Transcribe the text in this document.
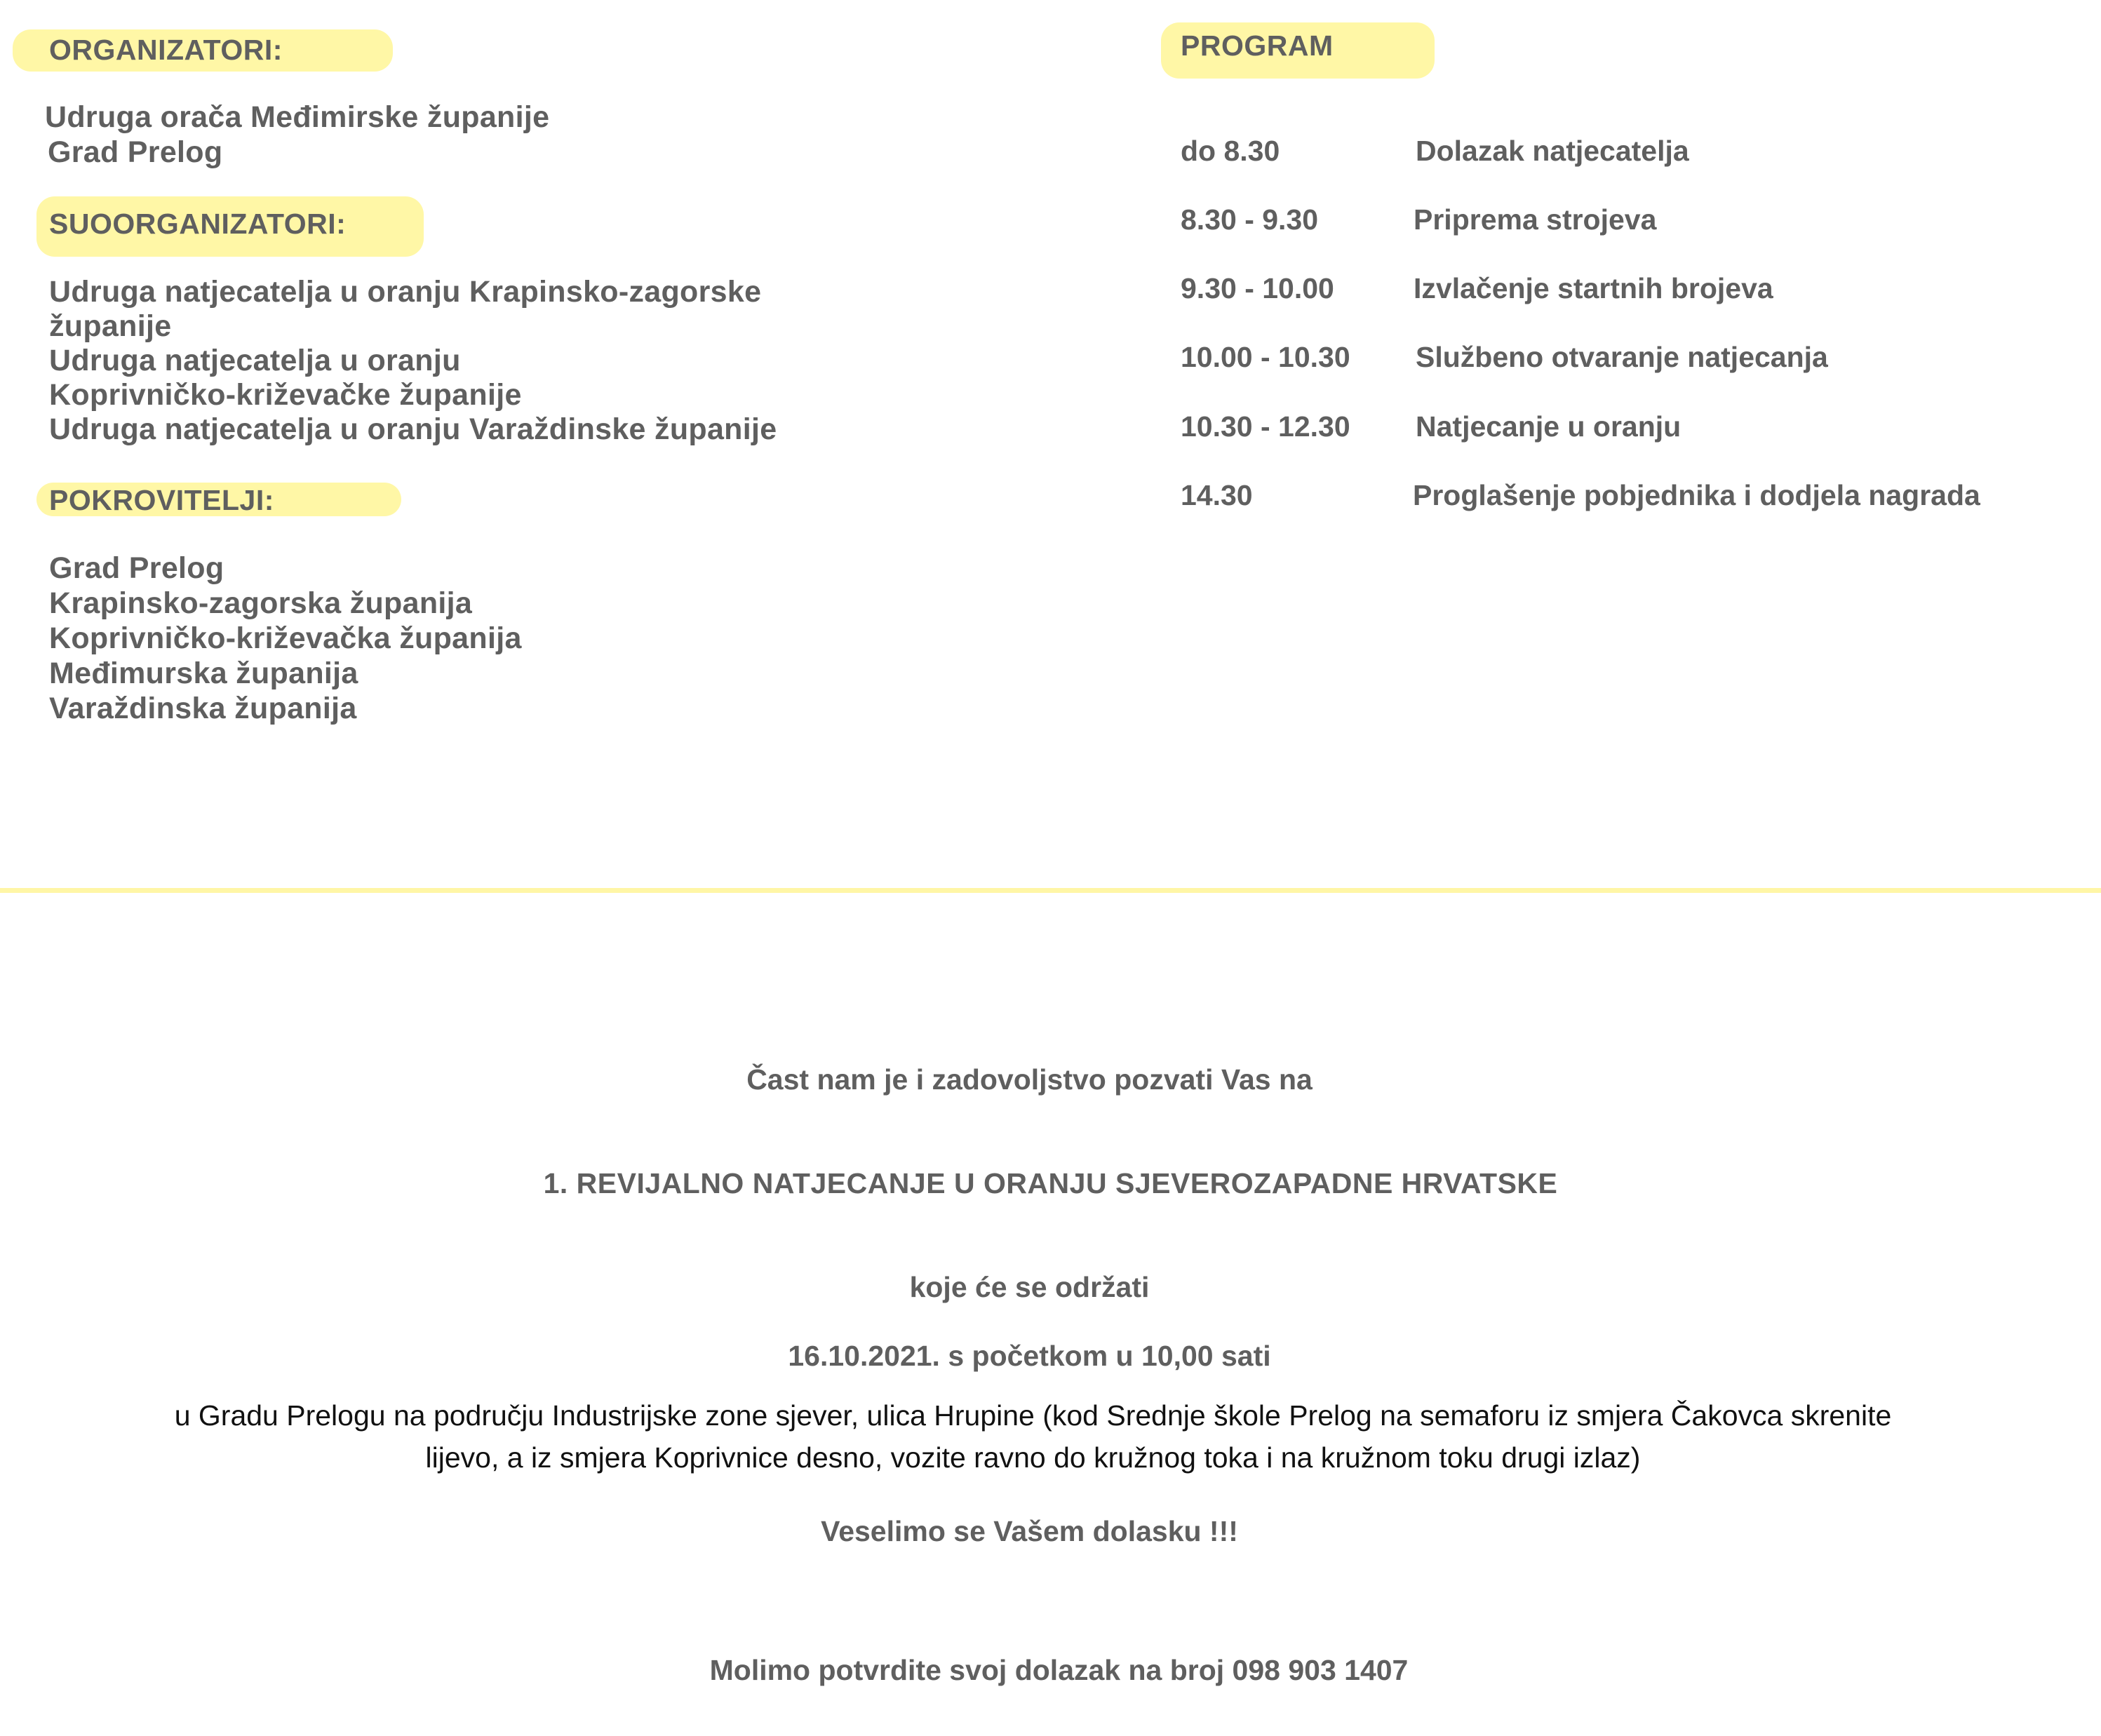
ORGANIZATORI:
Udruga orača Međimirske županije
Grad Prelog
SUOORGANIZATORI:
Udruga natjecatelja u oranju Krapinsko-zagorske
županije
Udruga natjecatelja u oranju
Koprivničko-križevačke županije
Udruga natjecatelja u oranju Varaždinske županije
POKROVITELJI:
Grad Prelog
Krapinsko-zagorska županija
Koprivničko-križevačka županija
Međimurska županija
Varaždinska županija
PROGRAM
do 8.30	Dolazak natjecatelja
8.30 - 9.30	Priprema strojeva
9.30 - 10.00	Izvlačenje startnih brojeva
10.00 - 10.30 Službeno otvaranje natjecanja
10.30 - 12.30 Natjecanje u oranju
14.30	Proglašenje pobjednika i dodjela nagrada
Čast nam je i zadovoljstvo pozvati Vas na
1. REVIJALNO NATJECANJE U ORANJU SJEVEROZAPADNE HRVATSKE
koje će se održati
16.10.2021. s početkom u 10,00 sati
u Gradu Prelogu na području Industrijske zone sjever, ulica Hrupine (kod Srednje škole Prelog na semaforu iz smjera Čakovca skrenite
lijevo, a iz smjera Koprivnice desno, vozite ravno do kružnog toka i na kružnom toku drugi izlaz)
Veselimo se Vašem dolasku !!!
Molimo potvrdite svoj dolazak na broj 098 903 1407
